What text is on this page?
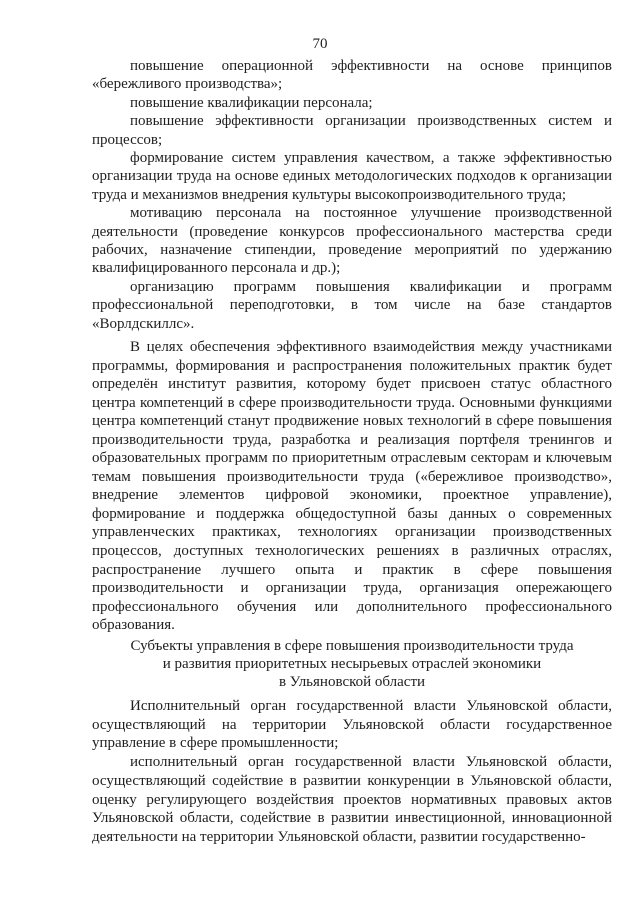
70

повышение операционной эффективности на основе принципов «бережливого производства»;

повышение квалификации персонала;

повышение эффективности организации производственных систем и процессов;

формирование систем управления качеством, а также эффективностью организации труда на основе единых методологических подходов к организации труда и механизмов внедрения культуры высокопроизводительного труда;

мотивацию персонала на постоянное улучшение производственной деятельности (проведение конкурсов профессионального мастерства среди рабочих, назначение стипендии, проведение мероприятий по удержанию квалифицированного персонала и др.);

организацию программ повышения квалификации и программ профессиональной переподготовки, в том числе на базе стандартов «Ворлдскиллс».

В целях обеспечения эффективного взаимодействия между участниками программы, формирования и распространения положительных практик будет определён институт развития, которому будет присвоен статус областного центра компетенций в сфере производительности труда. Основными функциями центра компетенций станут продвижение новых технологий в сфере повышения производительности труда, разработка и реализация портфеля тренингов и образовательных программ по приоритетным отраслевым секторам и ключевым темам повышения производительности труда («бережливое производство», внедрение элементов цифровой экономики, проектное управление), формирование и поддержка общедоступной базы данных о современных управленческих практиках, технологиях организации производственных процессов, доступных технологических решениях в различных отраслях, распространение лучшего опыта и практик в сфере повышения производительности и организации труда, организация опережающего профессионального обучения или дополнительного профессионального образования.

Субъекты управления в сфере повышения производительности труда
и развития приоритетных несырьевых отраслей экономики
в Ульяновской области

Исполнительный орган государственной власти Ульяновской области, осуществляющий на территории Ульяновской области государственное управление в сфере промышленности;

исполнительный орган государственной власти Ульяновской области, осуществляющий содействие в развитии конкуренции в Ульяновской области, оценку регулирующего воздействия проектов нормативных правовых актов Ульяновской области, содействие в развитии инвестиционной, инновационной деятельности на территории Ульяновской области, развитии государственно-
